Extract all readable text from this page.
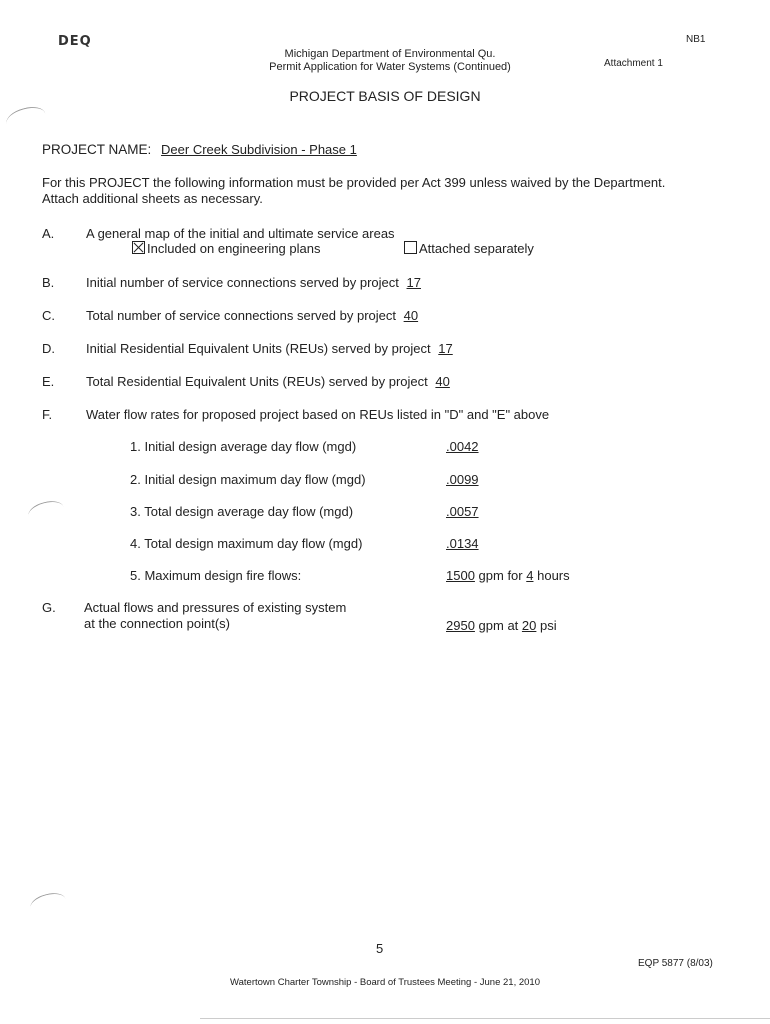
DEQ
Michigan Department of Environmental Qu.
Permit Application for Water Systems (Continued)
NB1
Attachment 1
PROJECT BASIS OF DESIGN
PROJECT NAME: Deer Creek Subdivision - Phase 1
For this PROJECT the following information must be provided per Act 399 unless waived by the Department.
Attach additional sheets as necessary.
A. A general map of the initial and ultimate service areas
Included on engineering plans	Attached separately
B. Initial number of service connections served by project 17
C. Total number of service connections served by project 40
D. Initial Residential Equivalent Units (REUs) served by project 17
E. Total Residential Equivalent Units (REUs) served by project 40
F.	Water flow rates for proposed project based on REUs listed in "D" and "E" above
1. Initial design average day flow (mgd)	.0042
2. Initial design maximum day flow (mgd)	.0099
3. Total design average day flow (mgd)	.0057
4. Total design maximum day flow (mgd)	.0134
5. Maximum design fire flows:	1500 gpm for 4 hours
G. Actual flows and pressures of existing system
at the connection point(s)	2950 gpm at 20 psi
5
EQP 5877 (8/03)
Watertown Charter Township - Board of Trustees Meeting - June 21, 2010
